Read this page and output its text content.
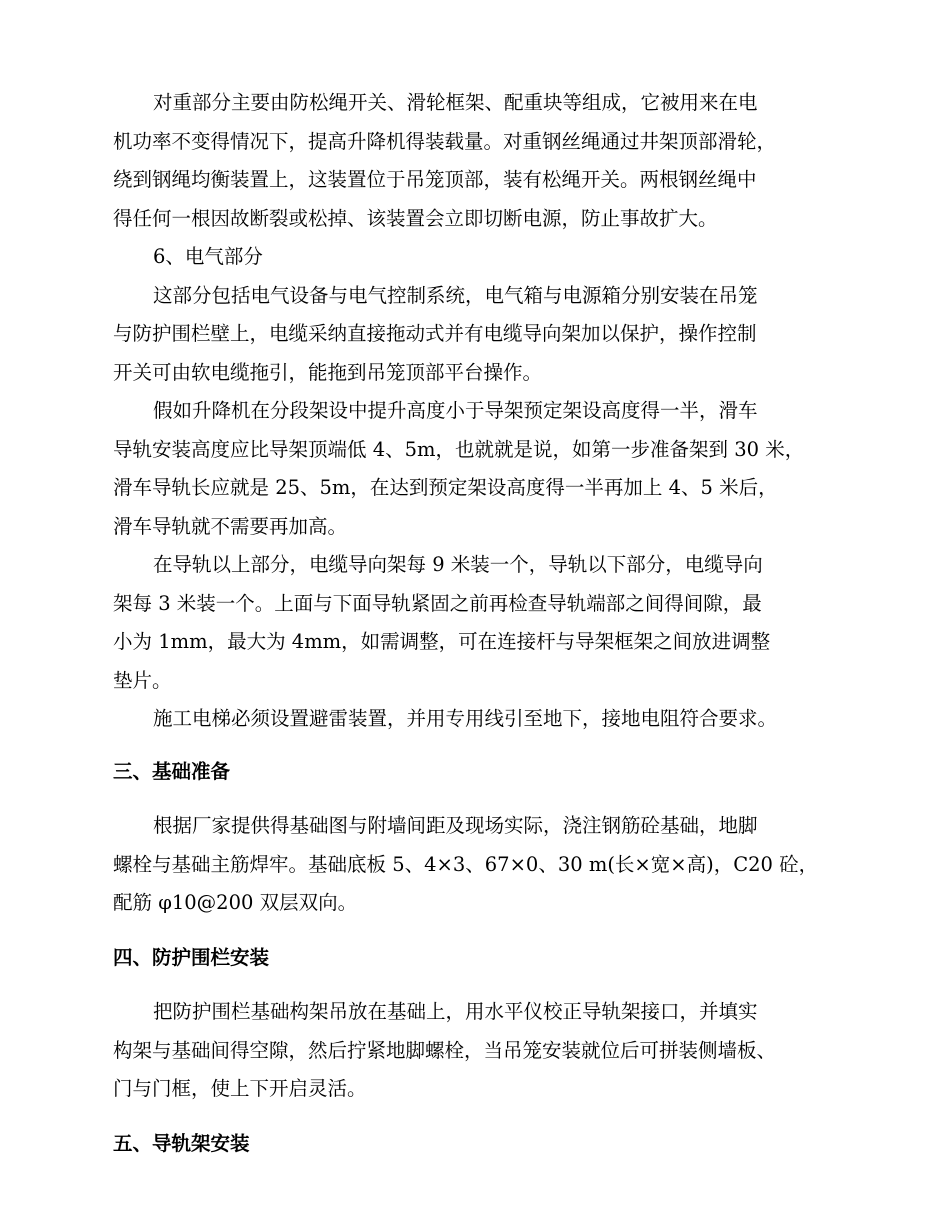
对重部分主要由防松绳开关、滑轮框架、配重块等组成，它被用来在电
机功率不变得情况下，提高升降机得装载量。对重钢丝绳通过井架顶部滑轮，
绕到钢绳均衡装置上，这装置位于吊笼顶部，装有松绳开关。两根钢丝绳中
得任何一根因故断裂或松掉、该装置会立即切断电源，防止事故扩大。

6、电气部分

这部分包括电气设备与电气控制系统，电气箱与电源箱分别安装在吊笼
与防护围栏壁上，电缆采纳直接拖动式并有电缆导向架加以保护，操作控制
开关可由软电缆拖引，能拖到吊笼顶部平台操作。

假如升降机在分段架设中提升高度小于导架预定架设高度得一半，滑车
导轨安装高度应比导架顶端低 4、5m，也就就是说，如第一步准备架到 30 米，
滑车导轨长应就是 25、5m，在达到预定架设高度得一半再加上 4、5 米后，
滑车导轨就不需要再加高。

在导轨以上部分，电缆导向架每 9 米装一个，导轨以下部分，电缆导向
架每 3 米装一个。上面与下面导轨紧固之前再检查导轨端部之间得间隙，最
小为 1mm，最大为 4mm，如需调整，可在连接杆与导架框架之间放进调整
垫片。

施工电梯必须设置避雷装置，并用专用线引至地下，接地电阻符合要求。

三、基础准备

根据厂家提供得基础图与附墙间距及现场实际，浇注钢筋砼基础，地脚
螺栓与基础主筋焊牢。基础底板 5、4×3、67×0、30 m(长×宽×高)，C20 砼，
配筋 φ10@200 双层双向。

四、防护围栏安装

把防护围栏基础构架吊放在基础上，用水平仪校正导轨架接口，并填实
构架与基础间得空隙，然后拧紧地脚螺栓，当吊笼安装就位后可拼装侧墙板、
门与门框，使上下开启灵活。

五、导轨架安装
